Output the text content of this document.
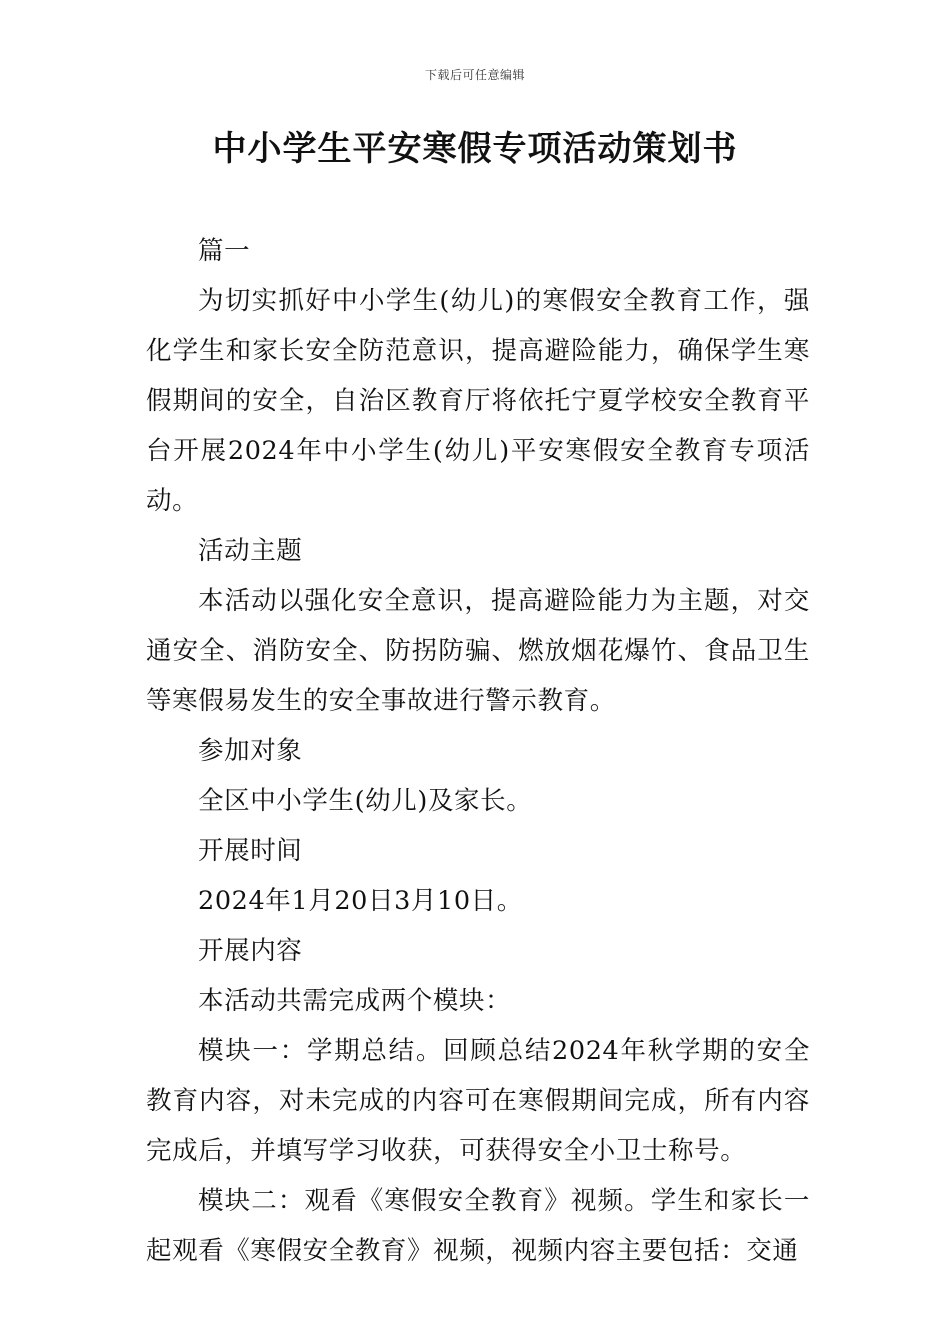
下载后可任意编辑
中小学生平安寒假专项活动策划书

篇一

为切实抓好中小学生(幼儿)的寒假安全教育工作，强化学生和家长安全防范意识，提高避险能力，确保学生寒假期间的安全，自治区教育厅将依托宁夏学校安全教育平台开展2024年中小学生(幼儿)平安寒假安全教育专项活动。

活动主题

本活动以强化安全意识，提高避险能力为主题，对交通安全、消防安全、防拐防骗、燃放烟花爆竹、食品卫生等寒假易发生的安全事故进行警示教育。

参加对象

全区中小学生(幼儿)及家长。

开展时间

2024年1月20日3月10日。

开展内容

本活动共需完成两个模块：

模块一：学期总结。回顾总结2024年秋学期的安全教育内容，对未完成的内容可在寒假期间完成，所有内容完成后，并填写学习收获，可获得安全小卫士称号。

模块二：观看《寒假安全教育》视频。学生和家长一起观看《寒假安全教育》视频，视频内容主要包括：交通
